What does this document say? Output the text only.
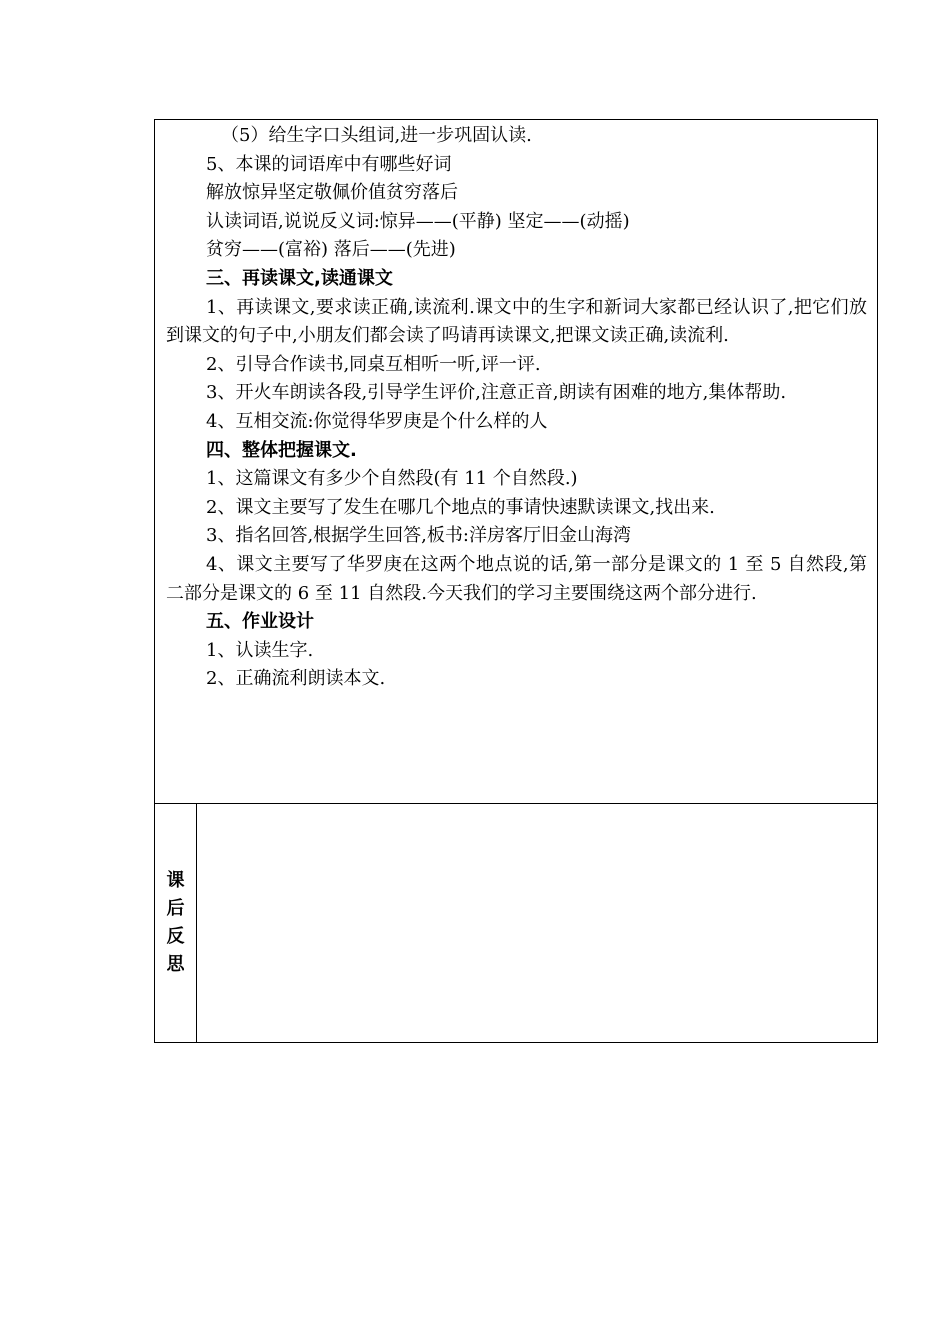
（5）给生字口头组词,进一步巩固认读.
5、本课的词语库中有哪些好词
解放惊异坚定敬佩价值贫穷落后
认读词语,说说反义词:惊异——(平静) 坚定——(动摇)
贫穷——(富裕) 落后——(先进)
三、再读课文,读通课文
1、再读课文,要求读正确,读流利.课文中的生字和新词大家都已经认识了,把它们放到课文的句子中,小朋友们都会读了吗请再读课文,把课文读正确,读流利.
2、引导合作读书,同桌互相听一听,评一评.
3、开火车朗读各段,引导学生评价,注意正音,朗读有困难的地方,集体帮助.
4、互相交流:你觉得华罗庚是个什么样的人
四、整体把握课文.
1、这篇课文有多少个自然段(有 11 个自然段.)
2、课文主要写了发生在哪几个地点的事请快速默读课文,找出来.
3、指名回答,根据学生回答,板书:洋房客厅旧金山海湾
4、课文主要写了华罗庚在这两个地点说的话,第一部分是课文的 1 至 5 自然段,第二部分是课文的 6 至 11 自然段.今天我们的学习主要围绕这两个部分进行.
五、作业设计
1、认读生字.
2、正确流利朗读本文.
课
后
反
思
